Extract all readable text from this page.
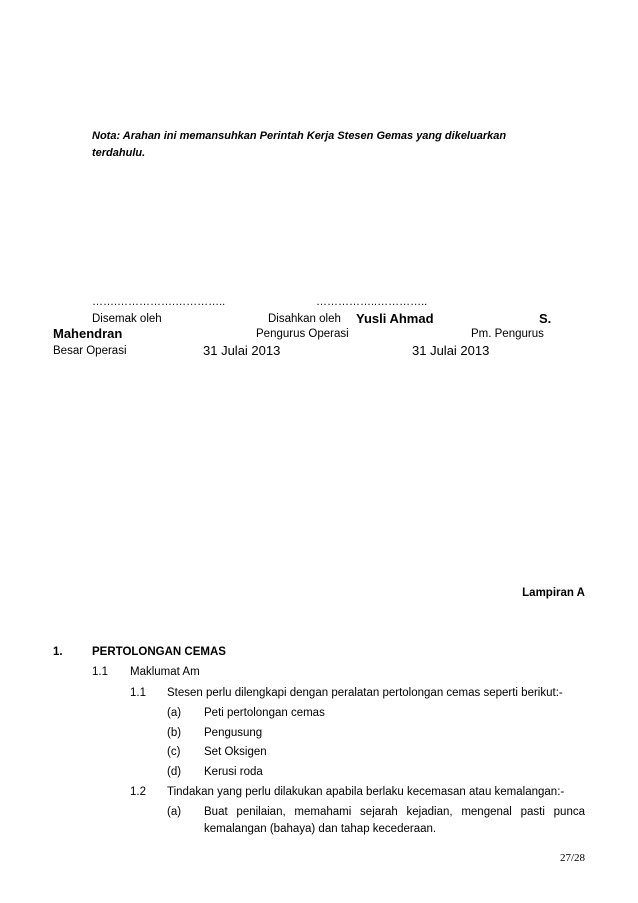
Nota: Arahan ini memansuhkan Perintah Kerja Stesen Gemas yang dikeluarkan
terdahulu.
…….…………….…………..	……………..…………..
Disemak oleh	Disahkan oleh Yusli Ahmad	S.
Mahendran	Pengurus Operasi	Pm. Pengurus
Besar Operasi	31 Julai 2013	31 Julai 2013
Lampiran A
1.	PERTOLONGAN CEMAS
1.1 Maklumat Am
1.1 Stesen perlu dilengkapi dengan peralatan pertolongan cemas seperti berikut:-
(a) Peti pertolongan cemas
(b) Pengusung
(c) Set Oksigen
(d) Kerusi roda
1.2 Tindakan yang perlu dilakukan apabila berlaku kecemasan atau kemalangan:-
(a) Buat penilaian, memahami sejarah kejadian, mengenal pasti punca
kemalangan (bahaya) dan tahap kecederaan.
27/28
